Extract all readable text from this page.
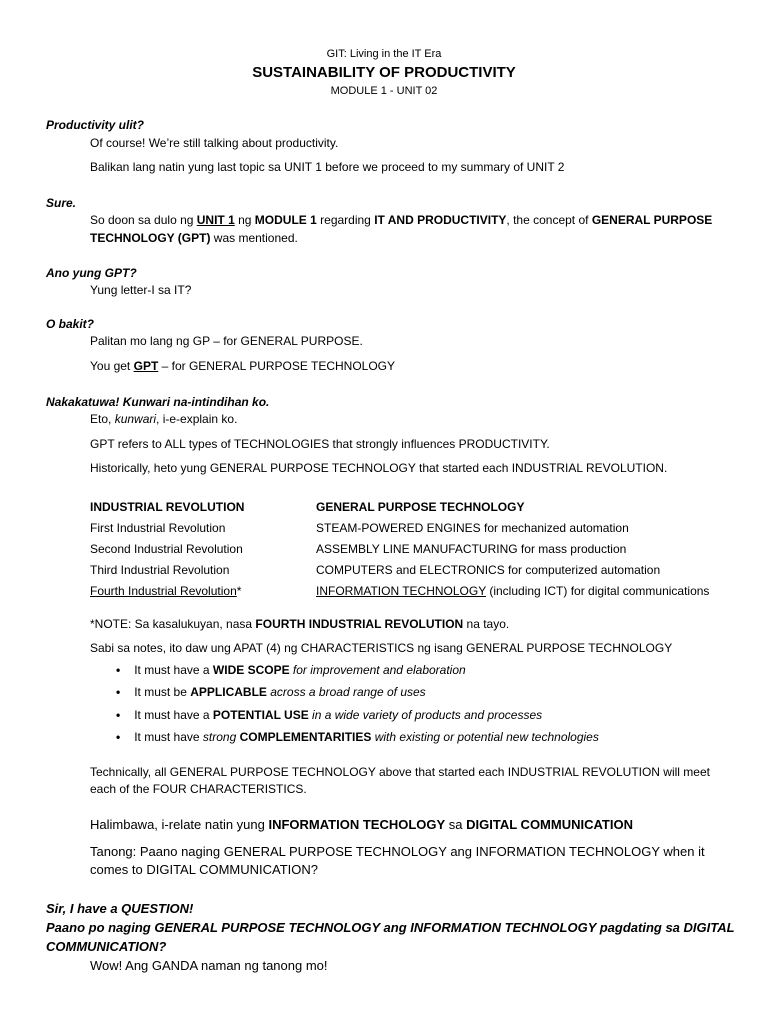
GIT: Living in the IT Era
SUSTAINABILITY OF PRODUCTIVITY
MODULE 1 - UNIT 02
Productivity ulit?
Of course! We’re still talking about productivity.
Balikan lang natin yung last topic sa UNIT 1 before we proceed to my summary of UNIT 2
Sure.
So doon sa dulo ng UNIT 1 ng MODULE 1 regarding IT AND PRODUCTIVITY, the concept of GENERAL PURPOSE
TECHNOLOGY (GPT) was mentioned.
Ano yung GPT?
Yung letter-I sa IT?
O bakit?
Palitan mo lang ng GP – for GENERAL PURPOSE.
You get GPT – for GENERAL PURPOSE TECHNOLOGY
Nakakatuwa! Kunwari na-intindihan ko.
Eto, kunwari, i-e-explain ko.
GPT refers to ALL types of TECHNOLOGIES that strongly influences PRODUCTIVITY.
Historically, heto yung GENERAL PURPOSE TECHNOLOGY that started each INDUSTRIAL REVOLUTION.
INDUSTRIAL REVOLUTION	GENERAL PURPOSE TECHNOLOGY
First Industrial Revolution	STEAM-POWERED ENGINES for mechanized automation
Second Industrial Revolution	ASSEMBLY LINE MANUFACTURING for mass production
Third Industrial Revolution	COMPUTERS and ELECTRONICS for computerized automation
Fourth Industrial Revolution*	INFORMATION TECHNOLOGY (including ICT) for digital communications
*NOTE: Sa kasalukuyan, nasa FOURTH INDUSTRIAL REVOLUTION na tayo.
Sabi sa notes, ito daw ung APAT (4) ng CHARACTERISTICS ng isang GENERAL PURPOSE TECHNOLOGY
• It must have a WIDE SCOPE for improvement and elaboration
• It must be APPLICABLE across a broad range of uses
• It must have a POTENTIAL USE in a wide variety of products and processes
• It must have strong COMPLEMENTARITIES with existing or potential new technologies
Technically, all GENERAL PURPOSE TECHNOLOGY above that started each INDUSTRIAL REVOLUTION will meet
each of the FOUR CHARACTERISTICS.
Halimbawa, i-relate natin yung INFORMATION TECHOLOGY sa DIGITAL COMMUNICATION
Tanong: Paano naging GENERAL PURPOSE TECHNOLOGY ang INFORMATION TECHNOLOGY when it
comes to DIGITAL COMMUNICATION?
Sir, I have a QUESTION!
Paano po naging GENERAL PURPOSE TECHNOLOGY ang INFORMATION TECHNOLOGY pagdating sa DIGITAL
COMMUNICATION?
Wow! Ang GANDA naman ng tanong mo!
